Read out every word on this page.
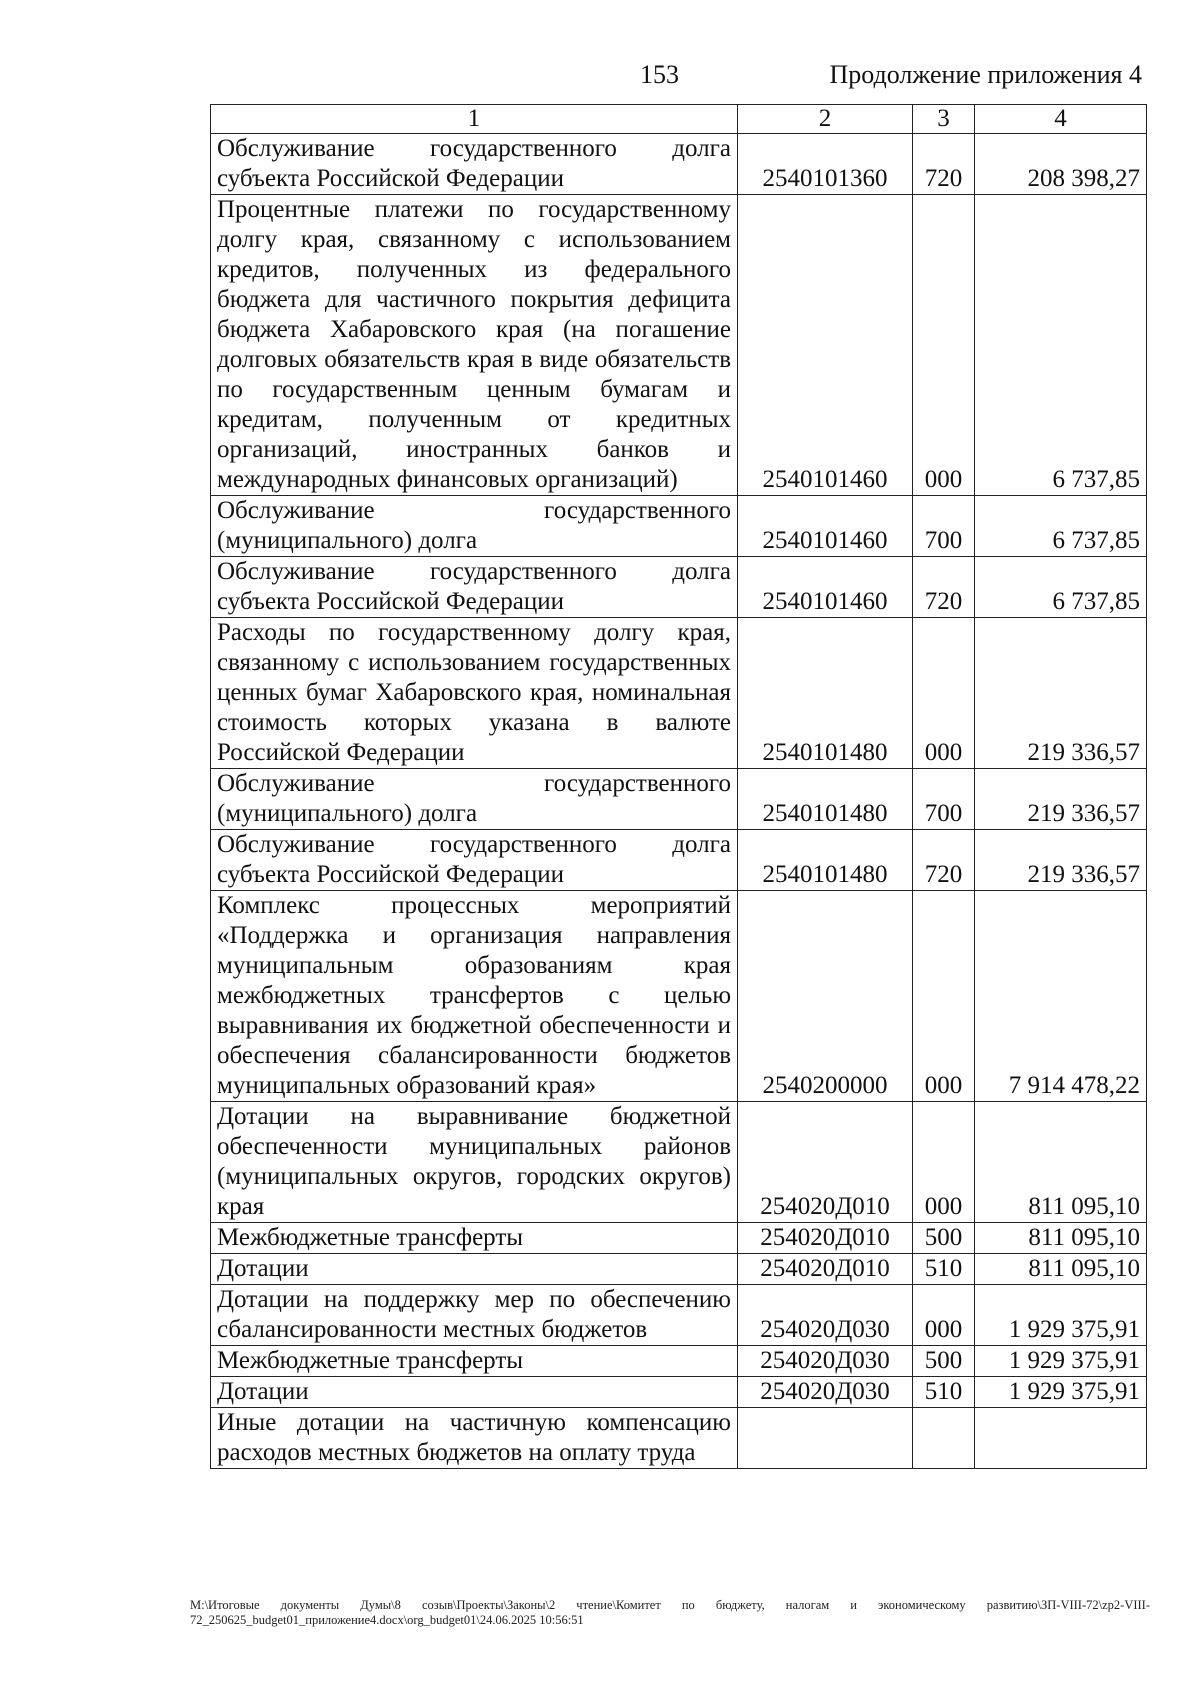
153	Продолжение приложения 4
1	2	3	4
Обслуживание государственного долга субъекта Российской Федерации	2540101360	720	208 398,27
Процентные платежи по государственному долгу края, связанному с использованием кредитов, полученных из федерального бюджета для частичного покрытия дефицита бюджета Хабаровского края (на погашение долговых обязательств края в виде обязательств по государственным ценным бумагам и кредитам, полученным от кредитных организаций, иностранных банков и международных финансовых организаций)	2540101460	000	6 737,85
Обслуживание государственного (муниципального) долга	2540101460	700	6 737,85
Обслуживание государственного долга субъекта Российской Федерации	2540101460	720	6 737,85
Расходы по государственному долгу края, связанному с использованием государственных ценных бумаг Хабаровского края, номинальная стоимость которых указана в валюте Российской Федерации	2540101480	000	219 336,57
Обслуживание государственного (муниципального) долга	2540101480	700	219 336,57
Обслуживание государственного долга субъекта Российской Федерации	2540101480	720	219 336,57
Комплекс процессных мероприятий «Поддержка и организация направления муниципальным образованиям края межбюджетных трансфертов с целью выравнивания их бюджетной обеспеченности и обеспечения сбалансированности бюджетов муниципальных образований края»	2540200000	000	7 914 478,22
Дотации на выравнивание бюджетной обеспеченности муниципальных районов (муниципальных округов, городских округов) края	254020Д010	000	811 095,10
Межбюджетные трансферты	254020Д010	500	811 095,10
Дотации	254020Д010	510	811 095,10
Дотации на поддержку мер по обеспечению сбалансированности местных бюджетов	254020Д030	000	1 929 375,91
Межбюджетные трансферты	254020Д030	500	1 929 375,91
Дотации	254020Д030	510	1 929 375,91
Иные дотации на частичную компенсацию расходов местных бюджетов на оплату труда			
M:\Итоговые документы Думы\8 созыв\Проекты\Законы\2 чтение\Комитет по бюджету, налогам и экономическому развитию\ЗП-VIII-72\zp2-VIII-72_250625_budget01_приложение4.docx\org_budget01\24.06.2025 10:56:51
